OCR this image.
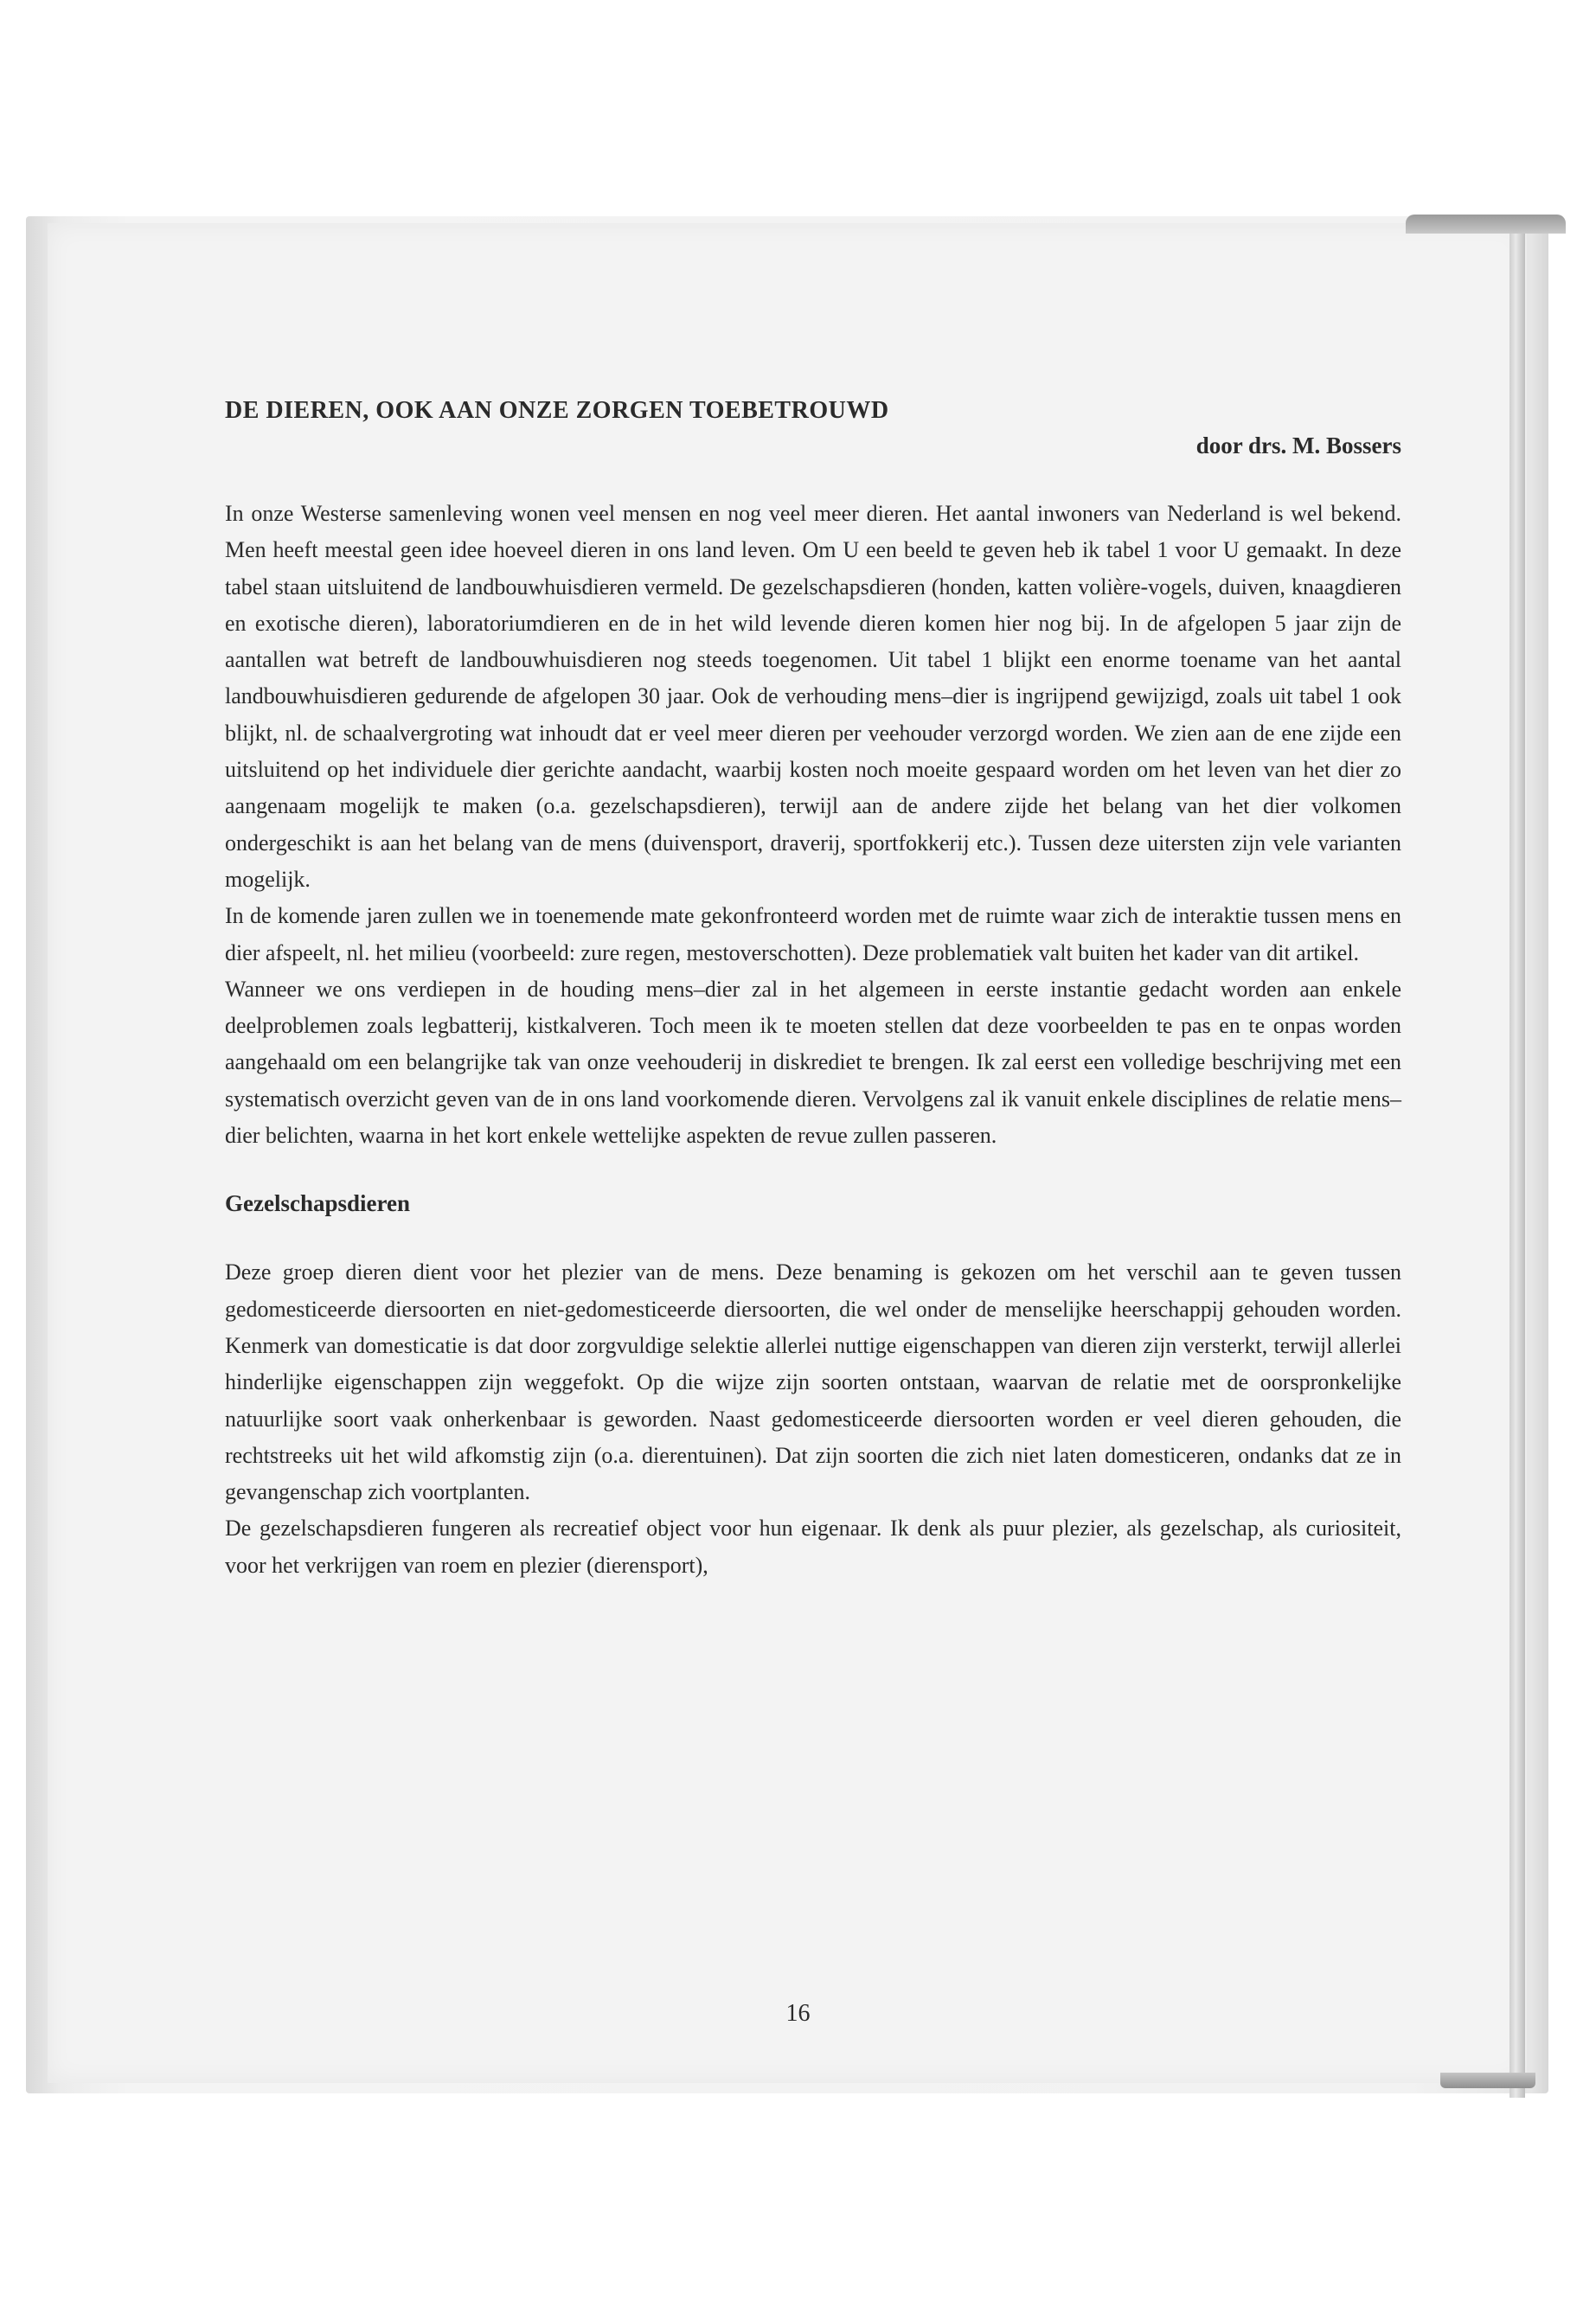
DE DIEREN, OOK AAN ONZE ZORGEN TOEBETROUWD
door drs. M. Bossers

In onze Westerse samenleving wonen veel mensen en nog veel meer dieren. Het aantal inwoners van Nederland is wel bekend. Men heeft meestal geen idee hoeveel dieren in ons land leven. Om U een beeld te geven heb ik tabel 1 voor U gemaakt. In deze tabel staan uitsluitend de landbouwhuisdieren vermeld. De gezelschapsdieren (honden, katten volière-vogels, duiven, knaagdieren en exotische dieren), laboratoriumdieren en de in het wild levende dieren komen hier nog bij. In de afgelopen 5 jaar zijn de aantallen wat betreft de landbouwhuisdieren nog steeds toegenomen. Uit tabel 1 blijkt een enorme toename van het aantal landbouwhuisdieren gedurende de afgelopen 30 jaar. Ook de verhouding mens–dier is ingrijpend gewijzigd, zoals uit tabel 1 ook blijkt, nl. de schaalvergroting wat inhoudt dat er veel meer dieren per veehouder verzorgd worden. We zien aan de ene zijde een uitsluitend op het individuele dier gerichte aandacht, waarbij kosten noch moeite gespaard worden om het leven van het dier zo aangenaam mogelijk te maken (o.a. gezelschapsdieren), terwijl aan de andere zijde het belang van het dier volkomen ondergeschikt is aan het belang van de mens (duivensport, draverij, sportfokkerij etc.). Tussen deze uitersten zijn vele varianten mogelijk.

In de komende jaren zullen we in toenemende mate gekonfronteerd worden met de ruimte waar zich de interaktie tussen mens en dier afspeelt, nl. het milieu (voorbeeld: zure regen, mestoverschotten). Deze problematiek valt buiten het kader van dit artikel.

Wanneer we ons verdiepen in de houding mens–dier zal in het algemeen in eerste instantie gedacht worden aan enkele deelproblemen zoals legbatterij, kistkalveren. Toch meen ik te moeten stellen dat deze voorbeelden te pas en te onpas worden aangehaald om een belangrijke tak van onze veehouderij in diskrediet te brengen. Ik zal eerst een volledige beschrijving met een systematisch overzicht geven van de in ons land voorkomende dieren. Vervolgens zal ik vanuit enkele disciplines de relatie mens–dier belichten, waarna in het kort enkele wettelijke aspekten de revue zullen passeren.

Gezelschapsdieren

Deze groep dieren dient voor het plezier van de mens. Deze benaming is gekozen om het verschil aan te geven tussen gedomesticeerde diersoorten en niet-gedomesticeerde diersoorten, die wel onder de menselijke heerschappij gehouden worden. Kenmerk van domesticatie is dat door zorgvuldige selektie allerlei nuttige eigenschappen van dieren zijn versterkt, terwijl allerlei hinderlijke eigenschappen zijn weggefokt. Op die wijze zijn soorten ontstaan, waarvan de relatie met de oorspronkelijke natuurlijke soort vaak onherkenbaar is geworden. Naast gedomesticeerde diersoorten worden er veel dieren gehouden, die rechtstreeks uit het wild afkomstig zijn (o.a. dierentuinen). Dat zijn soorten die zich niet laten domesticeren, ondanks dat ze in gevangenschap zich voortplanten.

De gezelschapsdieren fungeren als recreatief object voor hun eigenaar. Ik denk als puur plezier, als gezelschap, als curiositeit, voor het verkrijgen van roem en plezier (dierensport),

16
